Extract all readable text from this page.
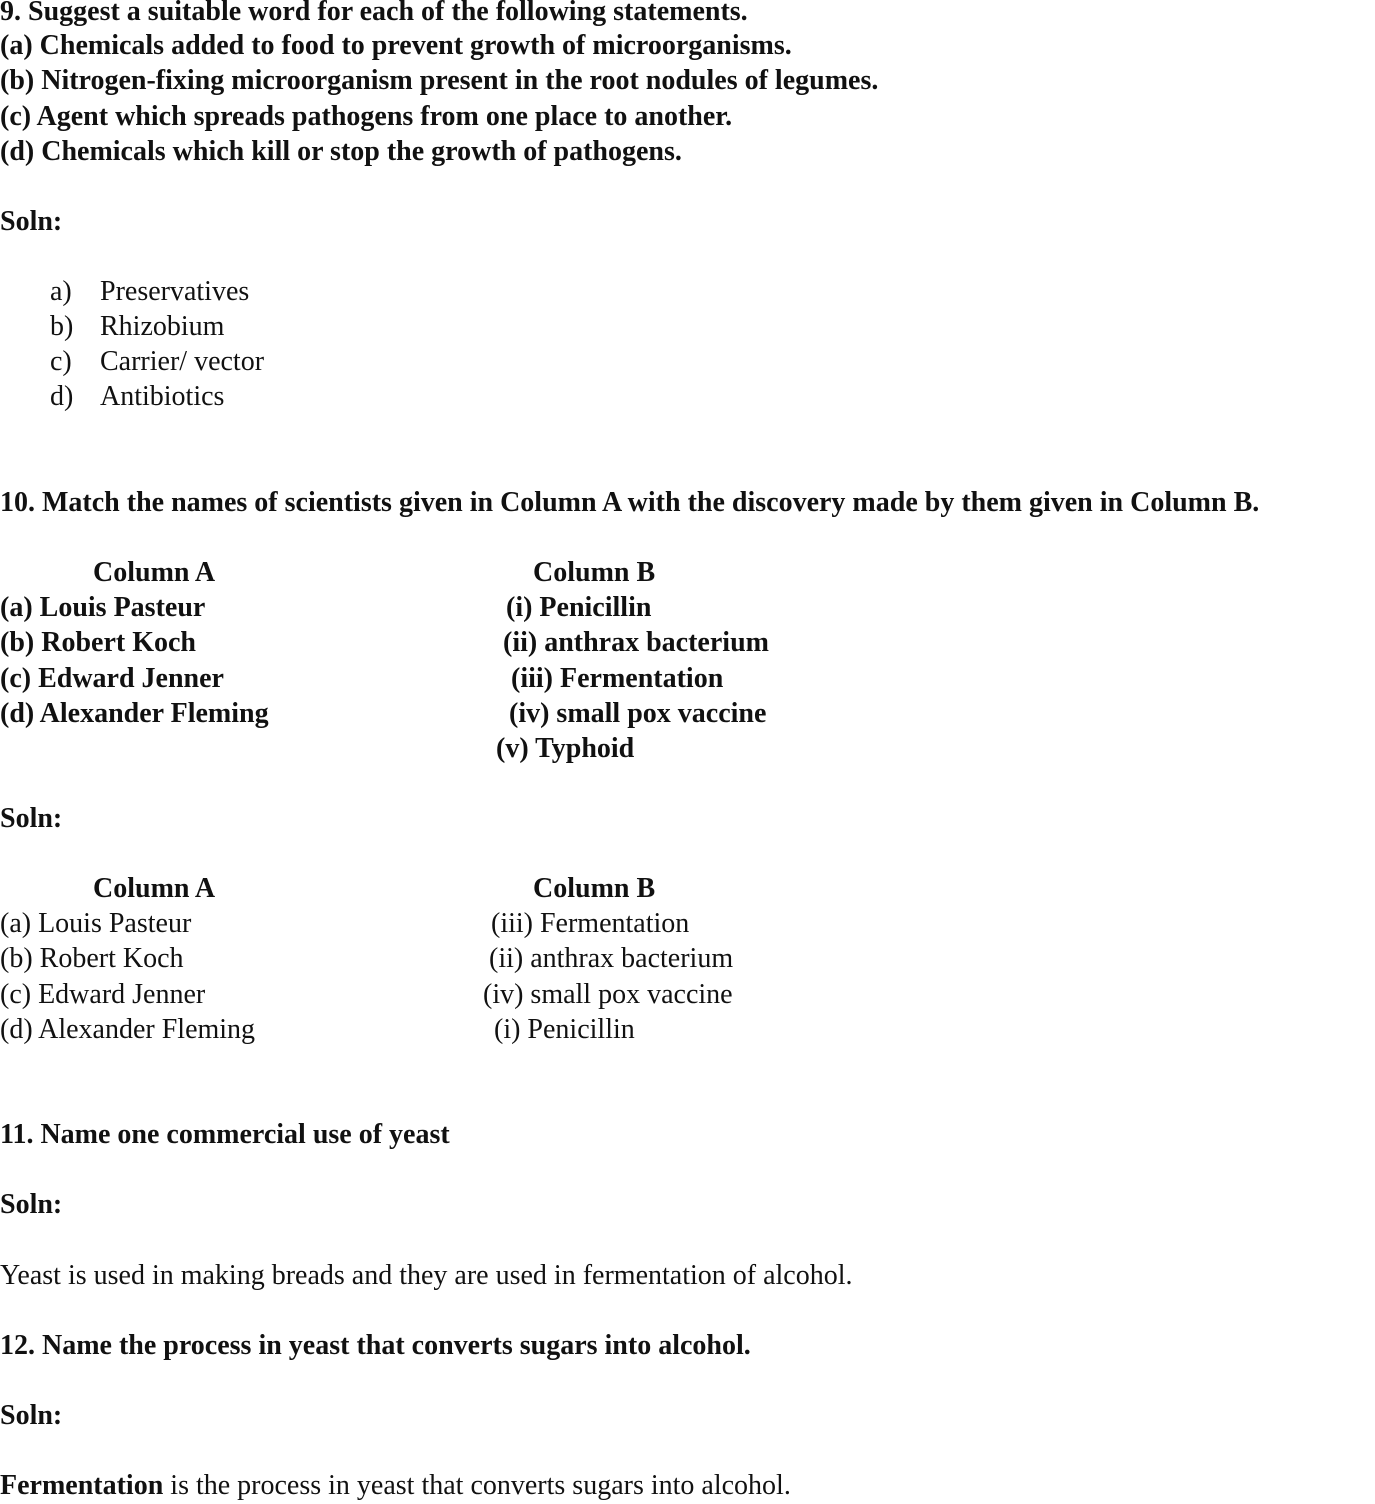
9. Suggest a suitable word for each of the following statements.
(a) Chemicals added to food to prevent growth of microorganisms.
(b) Nitrogen-fixing microorganism present in the root nodules of legumes.
(c) Agent which spreads pathogens from one place to another.
(d) Chemicals which kill or stop the growth of pathogens.
Soln:
a) Preservatives
b) Rhizobium
c) Carrier/ vector
d) Antibiotics
10. Match the names of scientists given in Column A with the discovery made by them given in Column B.
Column A	Column B
(a) Louis Pasteur
(b) Robert Koch
(c) Edward Jenner
(d) Alexander Fleming
(i) Penicillin
(ii) anthrax bacterium
(iii) Fermentation
(iv) small pox vaccine
(v) Typhoid
Soln:
Column A	Column B
(a) Louis Pasteur
(b) Robert Koch
(c) Edward Jenner
(d) Alexander Fleming
(iii) Fermentation
(ii) anthrax bacterium
(iv) small pox vaccine
(i) Penicillin
11. Name one commercial use of yeast
Soln:
Yeast is used in making breads and they are used in fermentation of alcohol.
12. Name the process in yeast that converts sugars into alcohol.
Soln:
Fermentation is the process in yeast that converts sugars into alcohol.
